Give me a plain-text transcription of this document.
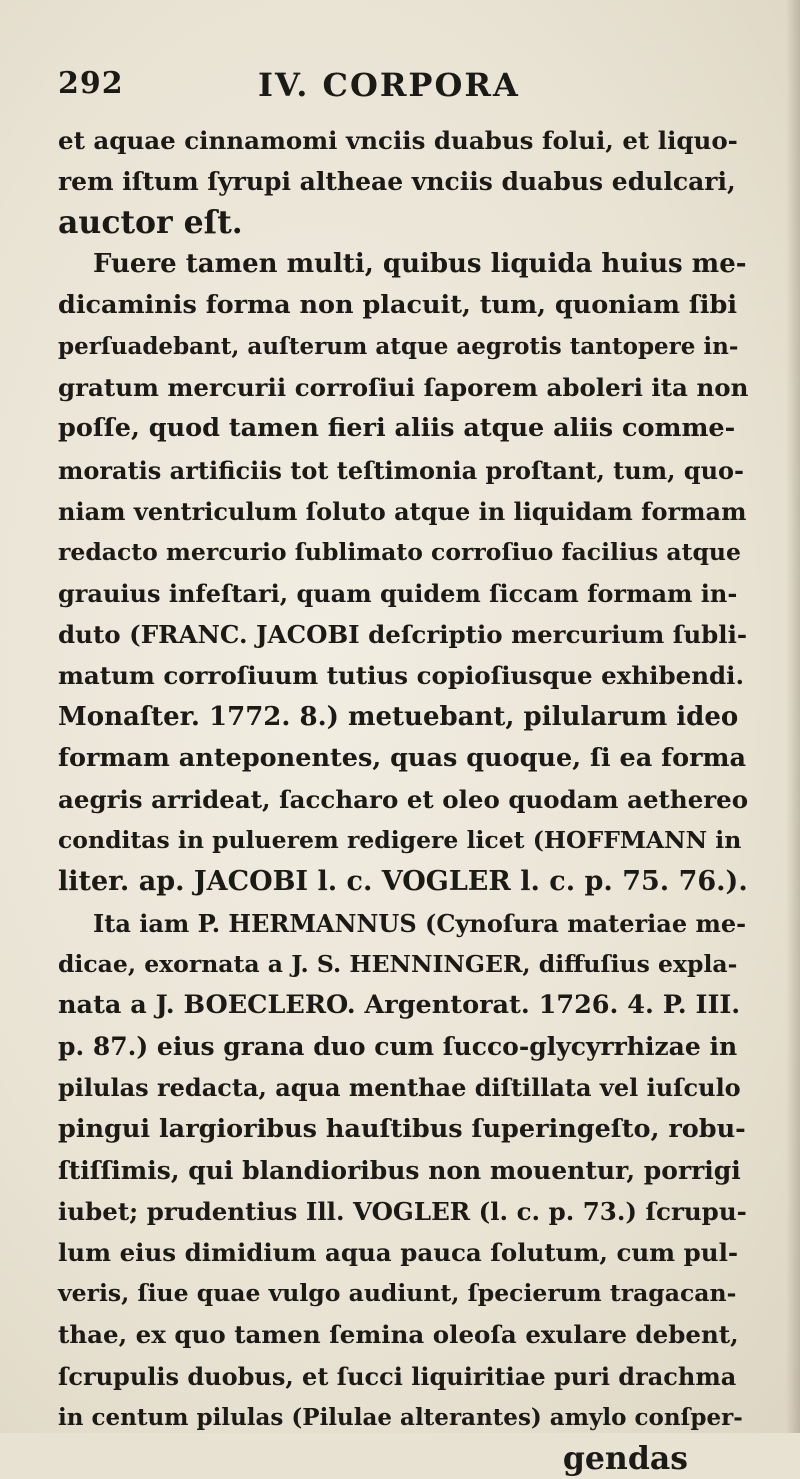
292	IV. CORPORA
et aquae cinnamomi vnciis duabus folui, et liquo-
rem iſtum ſyrupi altheae vnciis duabus edulcari,
auctor eſt.
Fuere tamen multi, quibus liquida huius me-
dicaminis forma non placuit, tum, quoniam ſibi
perſuadebant, auſterum atque aegrotis tantopere in-
gratum mercurii corroſiui ſaporem aboleri ita non
poſſe, quod tamen fieri aliis atque aliis comme-
moratis artificiis tot teſtimonia proſtant, tum, quo-
niam ventriculum ſoluto atque in liquidam formam
redacto mercurio ſublimato corroſiuo facilius atque
grauius infeſtari, quam quidem ſiccam formam in-
duto (FRANC. JACOBI deſcriptio mercurium ſubli-
matum corroſiuum tutius copioſiusque exhibendi.
Monaſter. 1772. 8.) metuebant, pilularum ideo
formam anteponentes, quas quoque, ſi ea forma
aegris arrideat, ſaccharo et oleo quodam aethereo
conditas in puluerem redigere licet (HOFFMANN in
liter. ap. JACOBI l. c. VOGLER l. c. p. 75. 76.).
Ita iam P. HERMANNUS (Cynoſura materiae me-
dicae, exornata a J. S. HENNINGER, diffuſius expla-
nata a J. BOECLERO. Argentorat. 1726. 4. P. III.
p. 87.) eius grana duo cum ſucco-glycyrrhizae in
pilulas redacta, aqua menthae diſtillata vel iuſculo
pingui largioribus hauſtibus ſuperingeſto, robu-
ſtiſſimis, qui blandioribus non mouentur, porrigi
iubet; prudentius Ill. VOGLER (l. c. p. 73.) ſcrupu-
lum eius dimidium aqua pauca ſolutum, cum pul-
veris, ſiue quae vulgo audiunt, ſpecierum tragacan-
thae, ex quo tamen ſemina oleoſa exulare debent,
ſcrupulis duobus, et ſucci liquiritiae puri drachma
in centum pilulas (Pilulae alterantes) amylo conſper-
gendas
